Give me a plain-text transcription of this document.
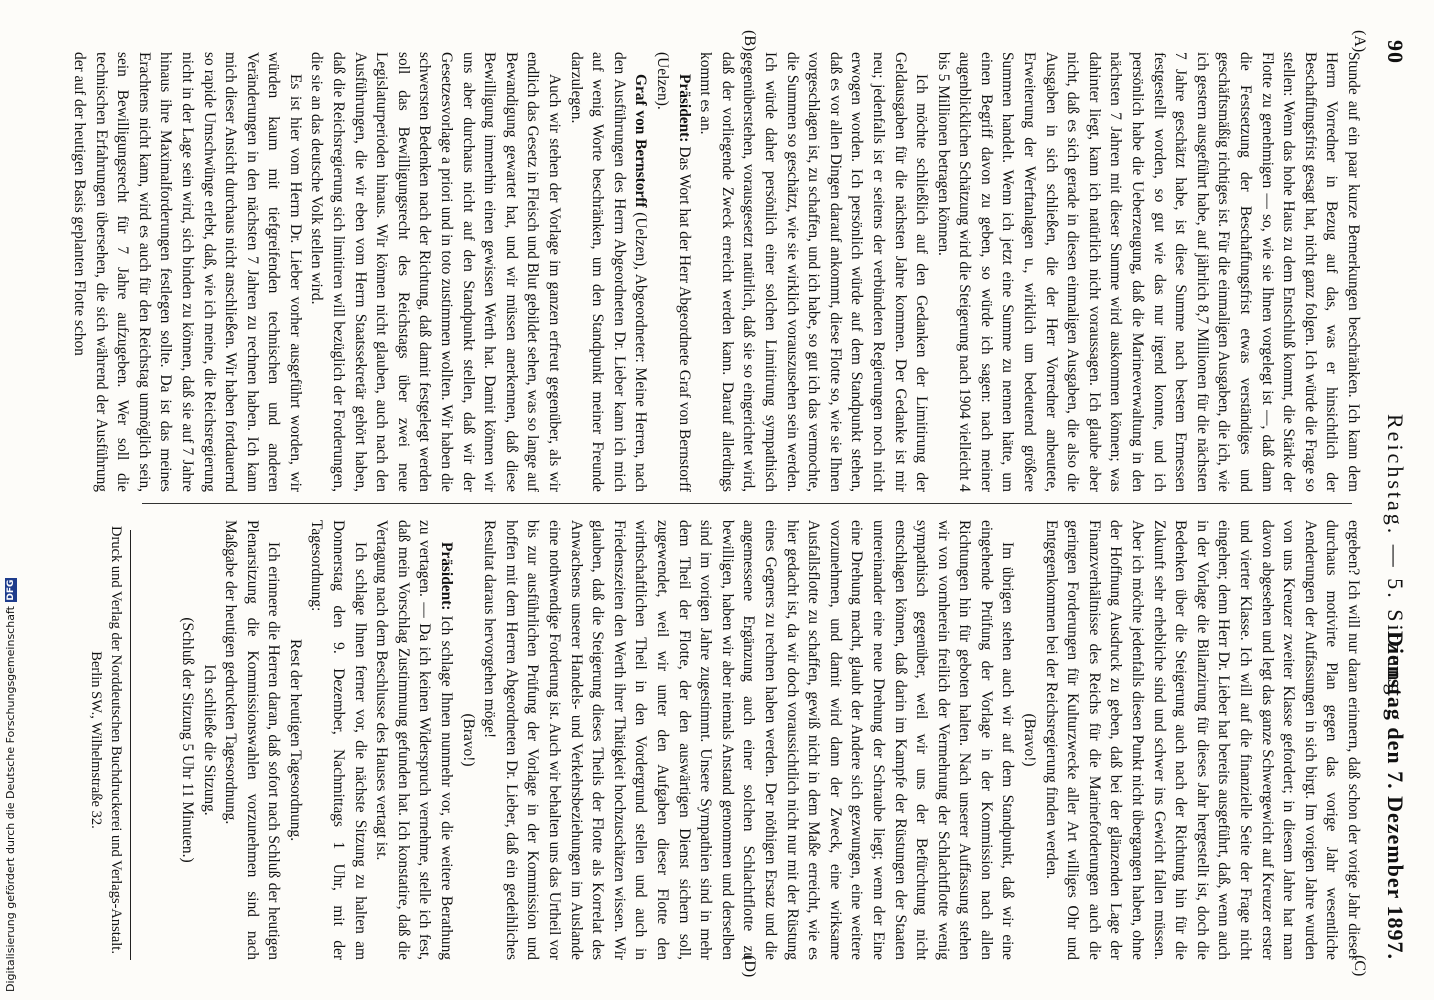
90
Reichstag. — 5. Sitzung.
Dienstag den 7. Dezember 1897.
(A)
(B)
(C)
(D)

Stunde auf ein paar kurze Bemerkungen beschränken. Ich kann dem Herrn Vorredner in Bezug auf das, was er hinsichtlich der Beschaffungsfrist gesagt hat, nicht ganz folgen. Ich würde die Frage so stellen: Wenn das hohe Haus zu dem Entschluß kommt, die Stärke der Flotte zu genehmigen — so, wie sie Ihnen vorgelegt ist —, daß dann die Festsetzung der Beschaffungsfrist etwas verständiges und geschäftsmäßig richtiges ist. Für die einmaligen Ausgaben, die ich, wie ich gestern ausgeführt habe, auf jährlich 8,7 Millionen für die nächsten 7 Jahre geschätzt habe, ist diese Summe nach bestem Ermessen festgestellt worden, so gut wie das nur irgend konnte, und ich persönlich habe die Ueberzeugung, daß die Marineverwaltung in den nächsten 7 Jahren mit dieser Summe wird auskommen können; was dahinter liegt, kann ich natürlich nicht voraussagen. Ich glaube aber nicht, daß es sich gerade in diesen einmaligen Ausgaben, die also die Ausgaben in sich schließen, die der Herr Vorredner anbeutete, Erweiterung der Werftanlagen u., wirklich um bedeutend größere Summen handelt. Wenn ich jetzt eine Summe zu nennen hätte, um einen Begriff davon zu geben, so würde ich sagen: nach meiner augenblicklichen Schätzung wird die Steigerung nach 1904 vielleicht 4 bis 5 Millionen betragen können.

Ich möchte schließlich auf den Gedanken der Limitirung der Geldausgaben für die nächsten Jahre kommen. Der Gedanke ist mir neu; jedenfalls ist er seitens der verbündeten Regierungen noch nicht erwogen worden. Ich persönlich würde auf dem Standpunkt stehen, daß es vor allen Dingen darauf ankommt, diese Flotte so, wie sie Ihnen vorgeschlagen ist, zu schaffen, und ich habe, so gut ich das vermochte, die Summen so geschätzt, wie sie wirklich vorauszusehen sein werden. Ich würde daher persönlich einer solchen Limitirung sympathisch gegenüberstehen, vorausgesetzt natürlich, daß sie so eingerichtet wird, daß der vorliegende Zweck erreicht werden kann. Darauf allerdings kommt es an.

Präsident: Das Wort hat der Herr Abgeordnete Graf von Bernstorff (Uelzen).

Graf von Bernstorff (Uelzen), Abgeordneter: Meine Herren, nach den Ausführungen des Herrn Abgeordneten Dr. Lieber kann ich mich auf wenig Worte beschränken, um den Standpunkt meiner Freunde darzulegen.

Auch wir stehen der Vorlage im ganzen erfreut gegenüber, als wir endlich das Gesetz in Fleisch und Blut gebildet sehen, was so lange auf Bewandigung gewartet hat, und wir müssen anerkennen, daß diese Bewilligung immerhin einen gewissen Werth hat. Damit können wir uns aber durchaus nicht auf den Standpunkt stellen, daß wir der Gesetzesvorlage a priori und in toto zustimmen wollten. Wir haben die schwersten Bedenken nach der Richtung, daß damit festgelegt werden soll das Bewilligungsrecht des Reichstags über zwei neue Legislaturperioden hinaus. Wir können nicht glauben, auch nach den Ausführungen, die wir eben vom Herrn Staatssekretär gehört haben, daß die Reichsregierung sich limitiren will bezüglich der Forderungen, die sie an das deutsche Volk stellen wird.

Es ist hier vom Herrn Dr. Lieber vorher ausgeführt worden, wir würden kaum mit tiefgreifenden technischen und anderen Veränderungen in den nächsten 7 Jahren zu rechnen haben. Ich kann mich dieser Ansicht durchaus nicht anschließen. Wir haben fortdauernd so rapide Umschwünge erlebt, daß, wie ich meine, die Reichsregierung nicht in der Lage sein wird, sich binden zu können, daß sie auf 7 Jahre hinaus ihre Maximalforderungen festlegen sollte. Da ist das meines Erachtens nicht kann, wird es auch für den Reichstag unmöglich sein, sein Bewilligungsrecht für 7 Jahre aufzugeben. Wer soll die technischen Erfahrungen übersehen, die sich während der Ausführung der auf der heutigen Basis geplanten Flotte schon

ergeben? Ich will nur daran erinnern, daß schon der vorige Jahr dieser durchaus motivirte Plan gegen das vorige Jahr wesentliche Aenderungen der Auffassungen in sich birgt. Im vorigen Jahre wurden von uns Kreuzer zweiter Klasse gefordert; in diesem Jahre hat man davon abgesehen und legt das ganze Schwergewicht auf Kreuzer erster und vierter Klasse. Ich will auf die finanzielle Seite der Frage nicht eingehen; denn Herr Dr. Lieber hat bereits ausgeführt, daß, wenn auch in der Vorlage die Bilanzirung für dieses Jahr hergestellt ist, doch die Bedenken über die Steigerung auch nach der Richtung hin für die Zukunft sehr erhebliche sind und schwer ins Gewicht fallen müssen. Aber ich möchte jedenfalls diesen Punkt nicht übergangen haben, ohne der Hoffnung Ausdruck zu geben, daß bei der glänzenden Lage der Finanzverhältnisse des Reichs für die Marineforderungen auch die geringen Forderungen für Kulturzwecke aller Art williges Ohr und Entgegenkommen bei der Reichsregierung finden werden.

(Bravo!)

Im übrigen stehen auch wir auf dem Standpunkt, daß wir eine eingehende Prüfung der Vorlage in der Kommission nach allen Richtungen hin für geboten halten. Nach unserer Auffassung stehen wir von vornherein freilich der Vermehrung der Schlachtflotte wenig sympathisch gegenüber, weil wir uns der Befürchtung nicht entschlagen können, daß darin im Kampfe der Rüstungen der Staaten untereinander eine neue Drehung der Schraube liegt; wenn der Eine eine Drehung macht, glaubt der Andere sich gezwungen, eine weitere vorzunehmen, und damit wird dann der Zweck, eine wirksame Ausfallsflotte zu schaffen, gewiß nicht in dem Maße erreicht, wie es hier gedacht ist, da wir doch voraussichtlich nicht nur mit der Rüstung eines Gegners zu rechnen haben werden. Der nöthigen Ersatz und die angemessene Ergänzung auch einer solchen Schlachtflotte zu bewilligen, haben wir aber niemals Anstand genommen und derselben sind im vorigen Jahre zugestimmt. Unsere Sympathien sind in mehr dem Theil der Flotte, der den auswärtigen Dienst sichern soll, zugewendet, weil wir unter den Aufgaben dieser Flotte den wirthschaftlichen Theil in den Vordergrund stellen und auch in Friedenszeiten den Werth ihrer Thätigkeit hochzuschätzen wissen. Wir glauben, daß die Steigerung dieses Theils der Flotte als Korrelat des Anwachsens unserer Handels- und Verkehrsbeziehungen im Auslande eine nothwendige Forderung ist. Auch wir behalten uns das Urtheil vor bis zur ausführlichen Prüfung der Vorlage in der Kommission und hoffen mit dem Herren Abgeordneten Dr. Lieber, daß ein gedeihliches Resultat daraus hervorgehen möge!

(Bravo!)

Präsident: Ich schlage Ihnen nunmehr vor, die weitere Berathung zu vertagen. — Da ich keinen Widerspruch vernehme, stelle ich fest, daß mein Vorschlag Zustimmung gefunden hat. Ich konstatire, daß die Vertagung nach dem Beschlusse des Hauses vertagt ist.

Ich schlage Ihnen ferner vor, die nächste Sitzung zu halten am Donnerstag den 9. Dezember, Nachmittags 1 Uhr, mit der Tagesordnung:

Rest der heutigen Tagesordnung.

Ich erinnere die Herren daran, daß sofort nach Schluß der heutigen Plenarsitzung die Kommissionswahlen vorzunehmen sind nach Maßgabe der heutigen gedruckten Tagesordnung.

Ich schließe die Sitzung.

(Schluß der Sitzung 5 Uhr 11 Minuten.)

Druck und Verlag der Norddeutschen Buchdruckerei und Verlags-Anstalt.
Berlin SW., Wilhelmstraße 32.
Digitalisierung gefördert durch die Deutsche Forschungsgemeinschaft
DFG
